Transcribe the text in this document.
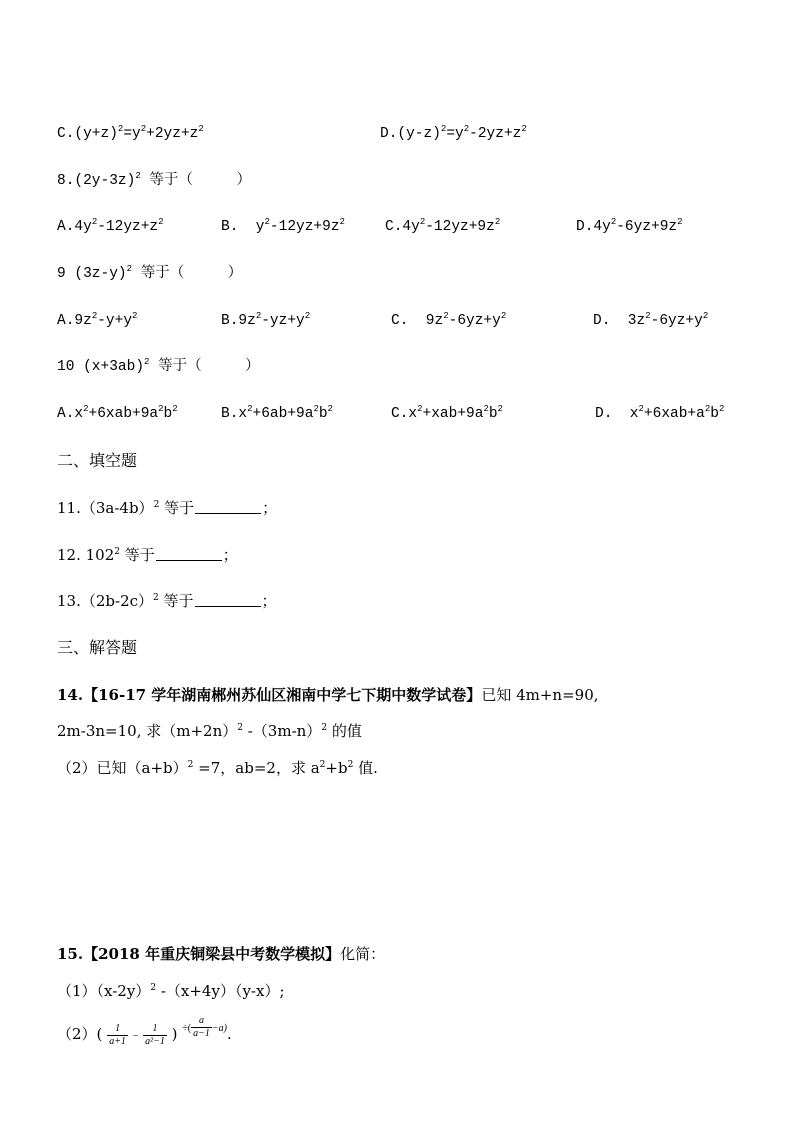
$C.(y+z)^2=y^2+2yz+z^2$	$D.(y-z)^2=y^2-2yz+z^2$
$8.(2y-3z)^2$ 等于（     ）
$A.4y^2-12yz+z^2$	B.  $y^2-12yz+9z^2$	$C.4y^2-12yz+9z^2$	$D.4y^2-6yz+9z^2$
9 $(3z-y)^2$ 等于（     ）
$A.9z^2-y+y^2$	$B.9z^2-yz+y^2$	C.  $9z^2-6yz+y^2$	D.  $3z^2-6yz+y^2$
10 $(x+3ab)^2$ 等于（     ）
$A.x^2+6xab+9a^2b^2$	$B.x^2+6ab+9a^2b^2$	$C.x^2+xab+9a^2b^2$	D.  $x^2+6xab+a^2b^2$
二、填空题
$11.(3a-4b)^2$ 等于	；
12. $102^2$ 等于	；
$13.(2b-2c)^2$ 等于	；
三、解答题
14.【16-17 学年湖南郴州苏仙区湘南中学七下期中数学试卷】已知 4m+n=90,
2m-3n=10, 求$(m+2n)^2$ $-(3m-n)^2$ 的值
（2）已知$(a+b)^2 =7$，ab=2，求 $a^2+b^2$ 值.
15.【2018 年重庆铜梁县中考数学模拟】化简：
$(1)(x-2y)^2$ -（x+4y）（y-x）;
$(2)( \frac{1}{a+1} - \frac{1}{\text{a²−1}}$ ) $^{\div(} \frac{a}{a-1} ^{-a)}$.
